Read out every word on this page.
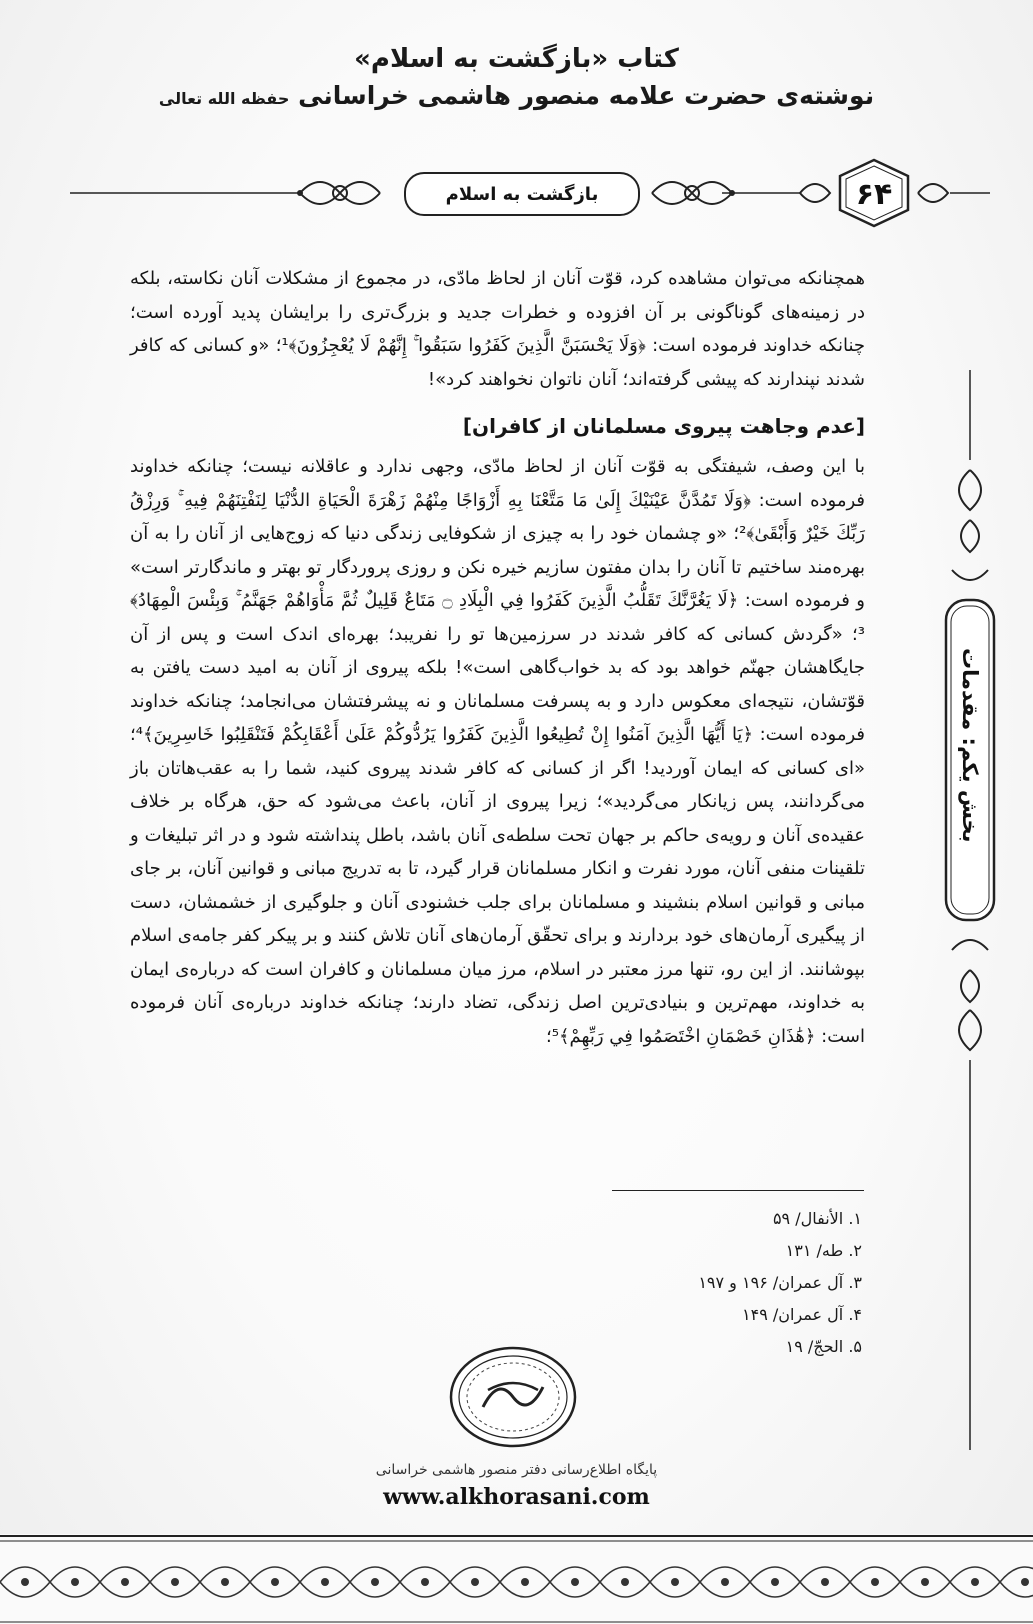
کتاب «بازگشت به اسلام»
نوشته‌ی حضرت علامه منصور هاشمی خراسانی حفظه الله تعالی
بازگشت به اسلام	۶۴
بخش یکم: مقدمات

همچنانکه می‌توان مشاهده کرد، قوّت آنان از لحاظ مادّی، در مجموع از مشکلات آنان نکاسته، بلکه در زمینه‌های گوناگونی بر آن افزوده و خطرات جدید و بزرگ‌تری را برایشان پدید آورده است؛ چنانکه خداوند فرموده است: ﴿وَلَا يَحْسَبَنَّ الَّذِينَ كَفَرُوا سَبَقُوا ۚ إِنَّهُمْ لَا يُعْجِزُونَ﴾¹؛ «و کسانی که کافر شدند نپندارند که پیشی گرفته‌اند؛ آنان ناتوان نخواهند کرد»!

[عدم وجاهت پیروی مسلمانان از کافران]

با این وصف، شیفتگی به قوّت آنان از لحاظ مادّی، وجهی ندارد و عاقلانه نیست؛ چنانکه خداوند فرموده است: ﴿وَلَا تَمُدَّنَّ عَيْنَيْكَ إِلَىٰ مَا مَتَّعْنَا بِهِ أَزْوَاجًا مِنْهُمْ زَهْرَةَ الْحَيَاةِ الدُّنْيَا لِنَفْتِنَهُمْ فِيهِ ۚ وَرِزْقُ رَبِّكَ خَيْرٌ وَأَبْقَىٰ﴾²؛ «و چشمان خود را به چیزی از شکوفایی زندگی دنیا که زوج‌هایی از آنان را به آن بهره‌مند ساختیم تا آنان را بدان مفتون سازیم خیره نکن و روزی پروردگار تو بهتر و ماندگارتر است» و فرموده است: ﴿لَا يَغُرَّنَّكَ تَقَلُّبُ الَّذِينَ كَفَرُوا فِي الْبِلَادِ ۝ مَتَاعٌ قَلِيلٌ ثُمَّ مَأْوَاهُمْ جَهَنَّمُ ۚ وَبِئْسَ الْمِهَادُ﴾³؛ «گردش کسانی که کافر شدند در سرزمین‌ها تو را نفریبد؛ بهره‌ای اندک است و پس از آن جایگاهشان جهنّم خواهد بود که بد خواب‌گاهی است»! بلکه پیروی از آنان به امید دست یافتن به قوّتشان، نتیجه‌ای معکوس دارد و به پسرفت مسلمانان و نه پیشرفتشان می‌انجامد؛ چنانکه خداوند فرموده است: ﴿يَا أَيُّهَا الَّذِينَ آمَنُوا إِنْ تُطِيعُوا الَّذِينَ كَفَرُوا يَرُدُّوكُمْ عَلَىٰ أَعْقَابِكُمْ فَتَنْقَلِبُوا خَاسِرِينَ﴾⁴؛ «ای کسانی که ایمان آوردید! اگر از کسانی که کافر شدند پیروی کنید، شما را به عقب‌هاتان باز می‌گردانند، پس زیانکار می‌گردید»؛ زیرا پیروی از آنان، باعث می‌شود که حق، هرگاه بر خلاف عقیده‌ی آنان و رویه‌ی حاکم بر جهان تحت سلطه‌ی آنان باشد، باطل پنداشته شود و در اثر تبلیغات و تلقینات منفی آنان، مورد نفرت و انکار مسلمانان قرار گیرد، تا به تدریج مبانی و قوانین آنان، بر جای مبانی و قوانین اسلام بنشیند و مسلمانان برای جلب خشنودی آنان و جلوگیری از خشمشان، دست از پیگیری آرمان‌های خود بردارند و برای تحقّق آرمان‌های آنان تلاش کنند و بر پیکر کفر جامه‌ی اسلام بپوشانند. از این رو، تنها مرز معتبر در اسلام، مرز میان مسلمانان و کافران است که درباره‌ی ایمان به خداوند، مهم‌ترین و بنیادی‌ترین اصل زندگی، تضاد دارند؛ چنانکه خداوند درباره‌ی آنان فرموده است: ﴿هَٰذَانِ خَصْمَانِ اخْتَصَمُوا فِي رَبِّهِمْ﴾⁵؛

۱. الأنفال/ ۵۹
۲. طه/ ۱۳۱
۳. آل عمران/ ۱۹۶ و ۱۹۷
۴. آل عمران/ ۱۴۹
۵. الحجّ/ ۱۹
پایگاه اطلاع‌رسانی دفتر منصور هاشمی خراسانی
www.alkhorasani.com
